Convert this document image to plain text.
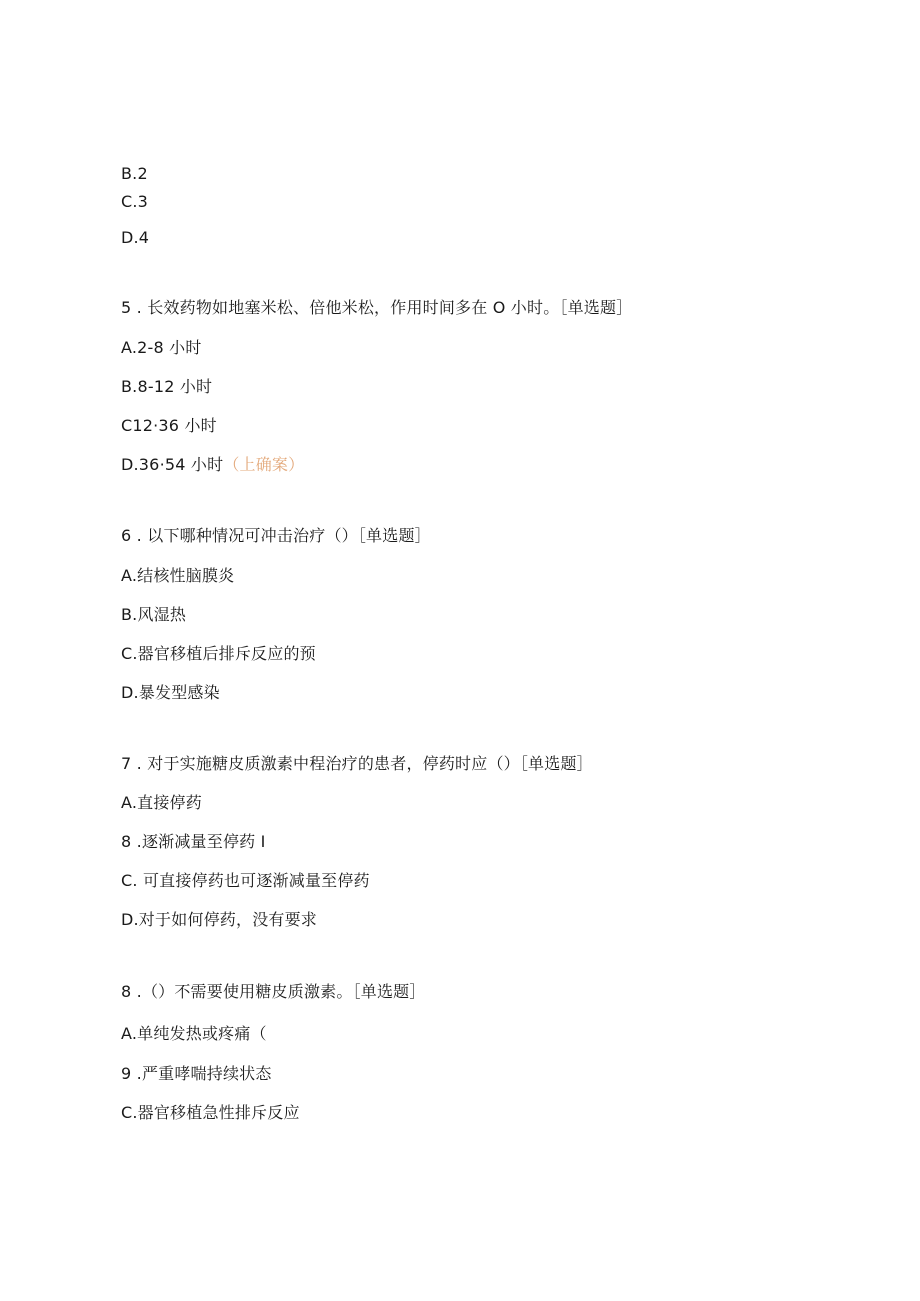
B.2
C.3
D.4
5 . 长效药物如地塞米松、倍他米松，作用时间多在 O 小时。［单选题］
A.2-8 小时
B.8-12 小时
C12·36 小时
D.36·54 小时（上确案）
6 . 以下哪种情况可冲击治疗（）［单选题］
A.结核性脑膜炎
B.风湿热
C.器官移植后排斥反应的预
D.暴发型感染
7 . 对于实施糖皮质激素中程治疗的患者，停药时应（）［单选题］
A.直接停药
8 .逐渐减量至停药 I
C. 可直接停药也可逐渐减量至停药
D.对于如何停药，没有要求
8 .（）不需要使用糖皮质激素。［单选题］
A.单纯发热或疼痛（
9 .严重哮喘持续状态
C.器官移植急性排斥反应
